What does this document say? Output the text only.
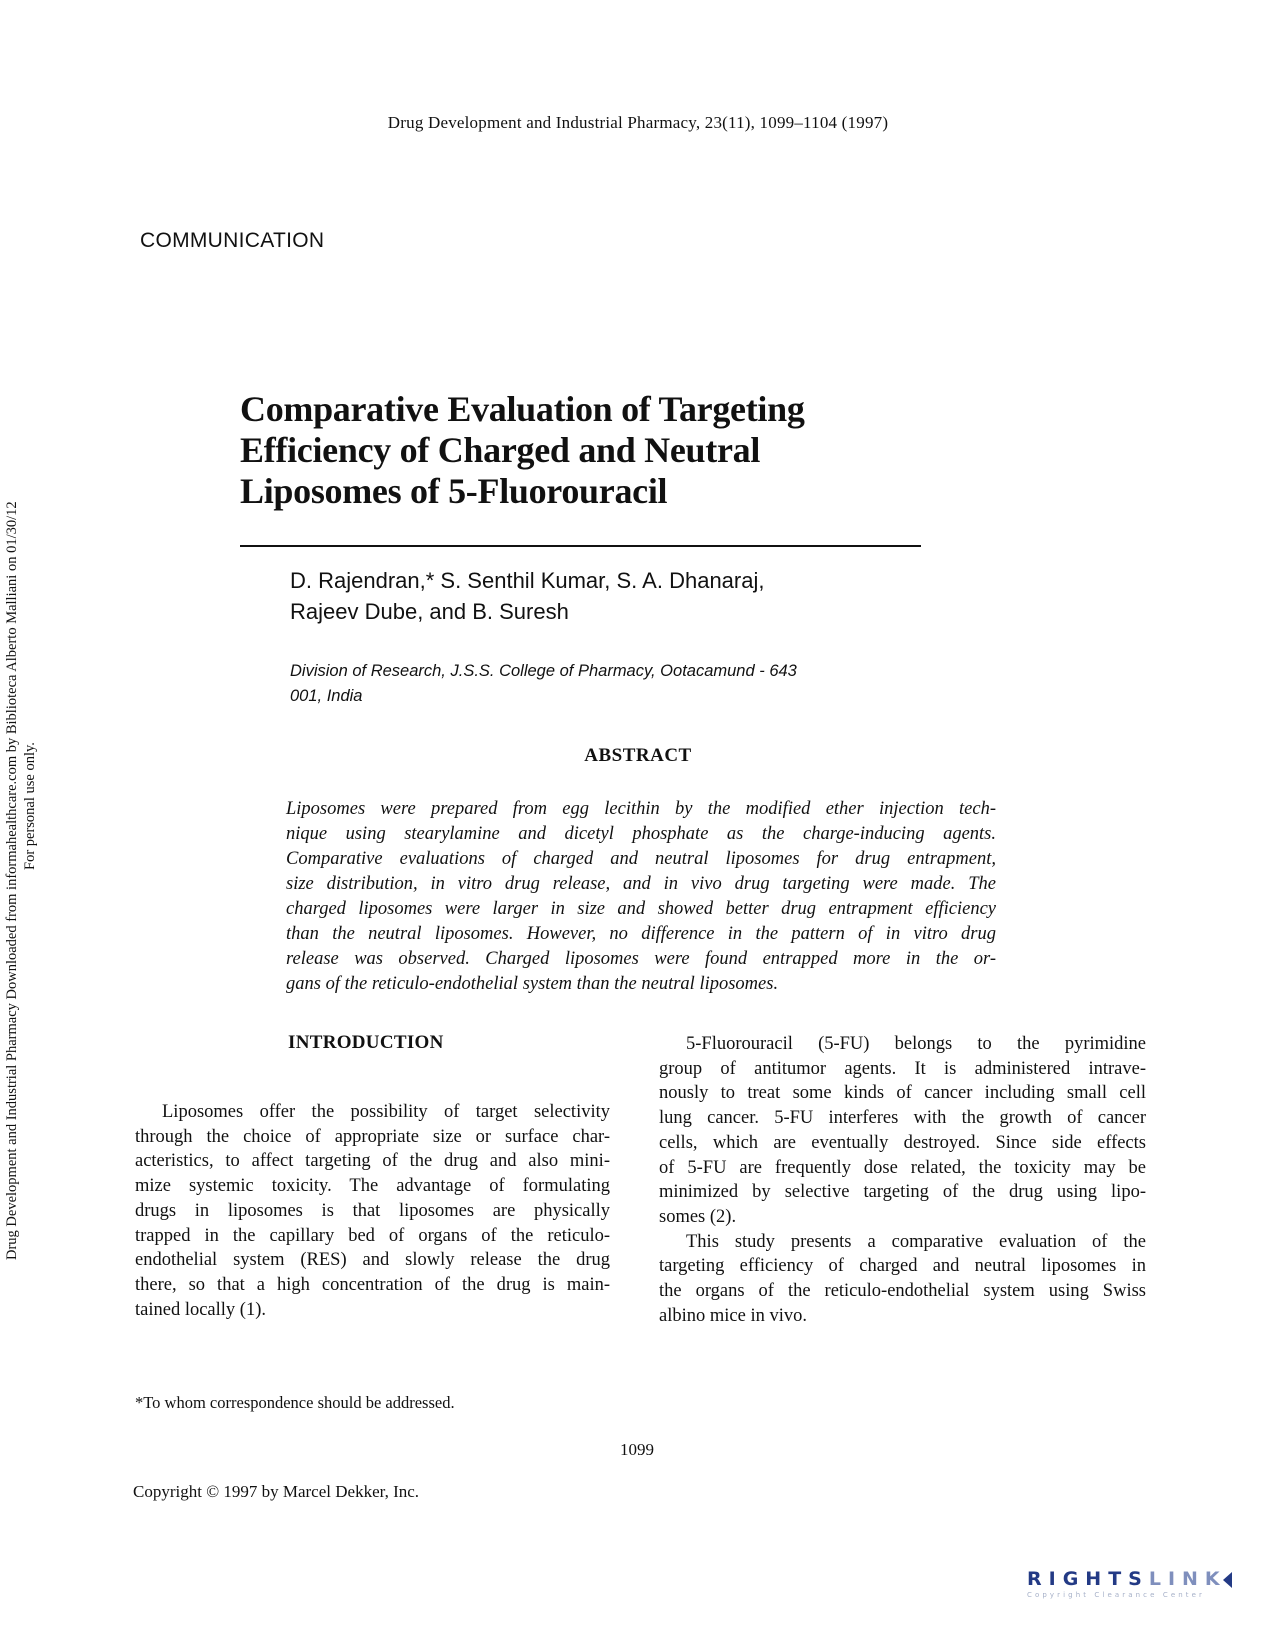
Drug Development and Industrial Pharmacy Downloaded from informahealthcare.com by Biblioteca Alberto Malliani on 01/30/12 For personal use only.
Drug Development and Industrial Pharmacy, 23(11), 1099–1104 (1997)
COMMUNICATION
Comparative Evaluation of Targeting
Efficiency of Charged and Neutral
Liposomes of 5-Fluorouracil
D. Rajendran,* S. Senthil Kumar, S. A. Dhanaraj,
Rajeev Dube, and B. Suresh
Division of Research, J.S.S. College of Pharmacy, Ootacamund - 643
001, India
ABSTRACT
Liposomes were prepared from egg lecithin by the modified ether injection tech-
nique using stearylamine and dicetyl phosphate as the charge-inducing agents.
Comparative evaluations of charged and neutral liposomes for drug entrapment,
size distribution, in vitro drug release, and in vivo drug targeting were made. The
charged liposomes were larger in size and showed better drug entrapment efficiency
than the neutral liposomes. However, no difference in the pattern of in vitro drug
release was observed. Charged liposomes were found entrapped more in the or-
gans of the reticulo-endothelial system than the neutral liposomes.
INTRODUCTION
Liposomes offer the possibility of target selectivity
through the choice of appropriate size or surface char-
acteristics, to affect targeting of the drug and also mini-
mize systemic toxicity. The advantage of formulating
drugs in liposomes is that liposomes are physically
trapped in the capillary bed of organs of the reticulo-
endothelial system (RES) and slowly release the drug
there, so that a high concentration of the drug is main-
tained locally (1).
5-Fluorouracil (5-FU) belongs to the pyrimidine
group of antitumor agents. It is administered intrave-
nously to treat some kinds of cancer including small cell
lung cancer. 5-FU interferes with the growth of cancer
cells, which are eventually destroyed. Since side effects
of 5-FU are frequently dose related, the toxicity may be
minimized by selective targeting of the drug using lipo-
somes (2).
This study presents a comparative evaluation of the
targeting efficiency of charged and neutral liposomes in
the organs of the reticulo-endothelial system using Swiss
albino mice in vivo.
*To whom correspondence should be addressed.
1099
Copyright © 1997 by Marcel Dekker, Inc.
RIGHTSLINK
Copyright Clearance Center
